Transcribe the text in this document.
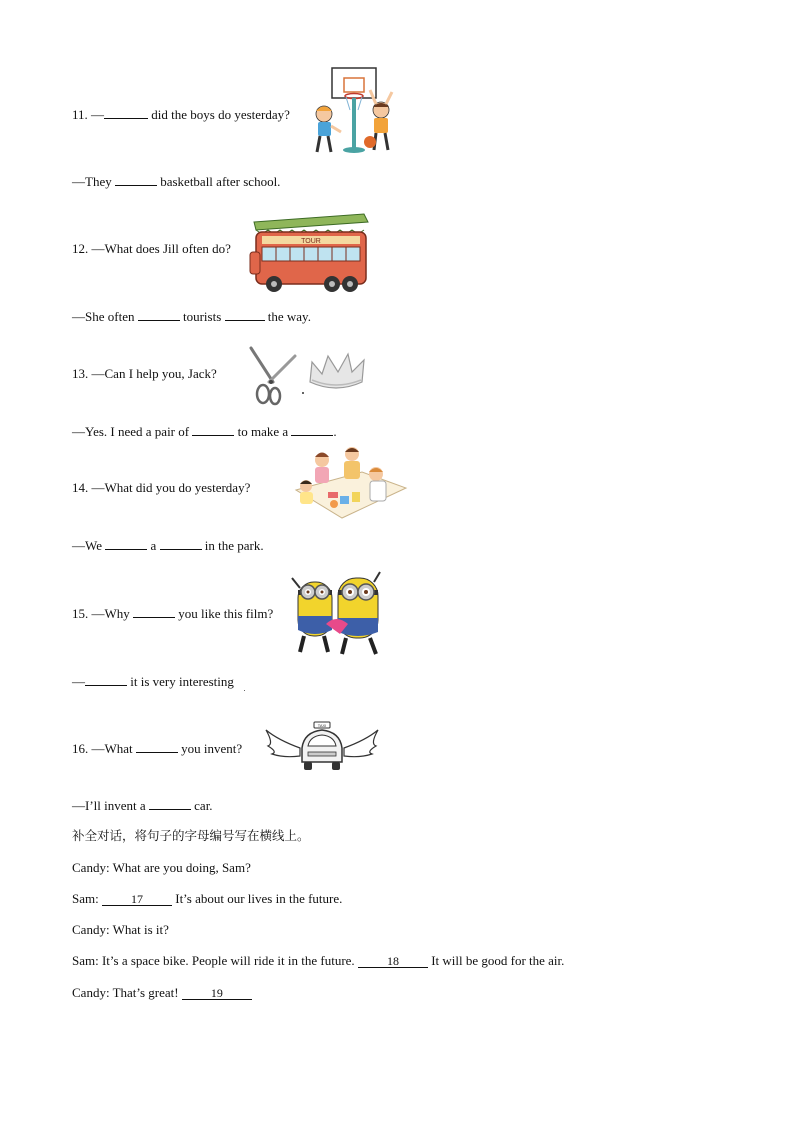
11. —	did the boys do yesterday?
—They	basketball after school.
12. —What does Jill often do?
—She often	tourists	the way.
TOUR
13. —Can I help you, Jack?
—Yes. I need a pair of	to make a	.
14. —What did you do yesterday?
—We	a	in the park.
15. —Why	you like this film?
—	it is very interesting
16. —What	you invent?
—I’ll invent a	car.
TAXI
补全对话，将句子的字母编号写在横线上。
Candy: What are you doing, Sam?
Sam: 17 It’s about our lives in the future.
Candy: What is it?
Sam: It’s a space bike. People will ride it in the future. 18 It will be good for the air.
Candy: That’s great! 19
